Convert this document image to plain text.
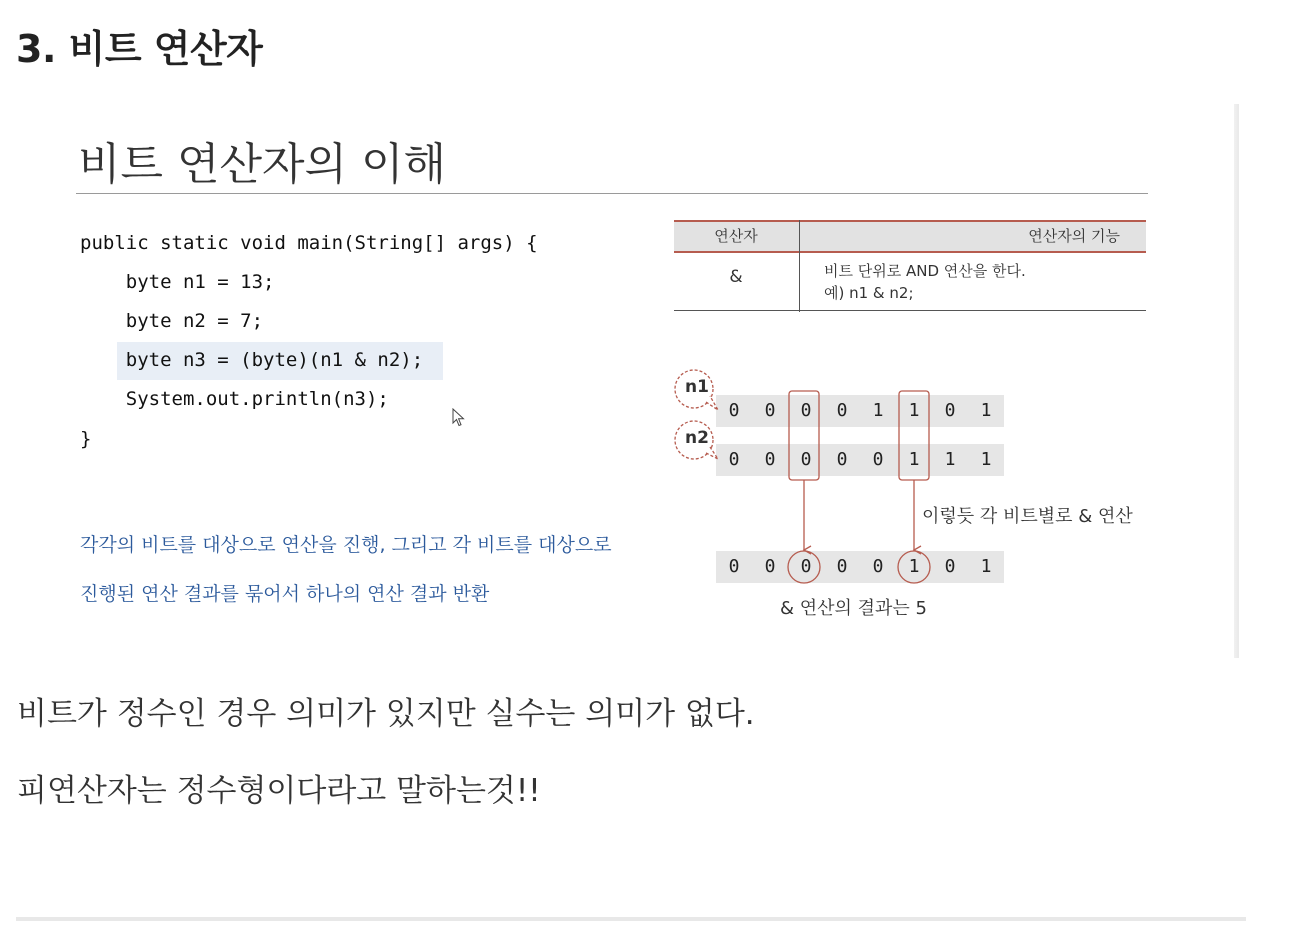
3. 비트 연산자
비트 연산자의 이해
public static void main(String[] args) {
byte n1 = 13;
byte n2 = 7;
byte n3 = (byte)(n1 & n2);
System.out.println(n3);
}
각각의 비트를 대상으로 연산을 진행, 그리고 각 비트를 대상으로
진행된 연산 결과를 묶어서 하나의 연산 결과 반환
연산자	연산자의 기능
&	비트 단위로 AND 연산을 한다.
예) n1 & n2;
0	0	0	0	1	1	0	1
0	0	0	0	0	1	1	1
0	0	0	0	0	1	0	1
n1
n2
이렇듯 각 비트별로 & 연산
& 연산의 결과는 5

비트가 정수인 경우 의미가 있지만 실수는 의미가 없다.

피연산자는 정수형이다라고 말하는것!!
